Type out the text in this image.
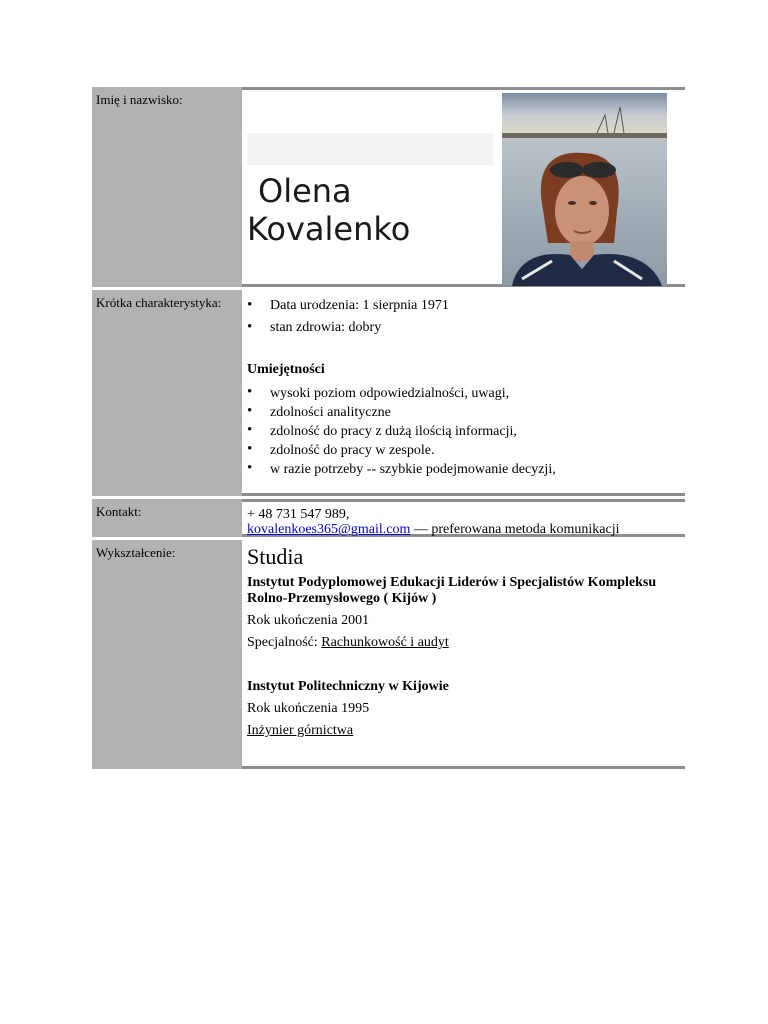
Imię i nazwisko:
Olena
Kovalenko
Krótka charakterystyka:
•	Data urodzenia: 1 sierpnia 1971
• stan zdrowia: dobry
Umiejętności
• wysoki poziom odpowiedzialności, uwagi,
• zdolności analityczne
• zdolność do pracy z dużą ilością informacji,
• zdolność do pracy w zespole.
• w razie potrzeby -- szybkie podejmowanie decyzji,
Kontakt:	+ 48 731 547 989,
kovalenkoes365@gmail.com — preferowana metoda komunikacji
Wykształcenie:	Studia
Instytut Podyplomowej Edukacji Liderów i Specjalistów Kompleksu Rolno-Przemysłowego ( Kijów )
Rok ukończenia 2001
Specjalność: Rachunkowość i audyt
Instytut Politechniczny w Kijowie
Rok ukończenia 1995
Inżynier górnictwa
